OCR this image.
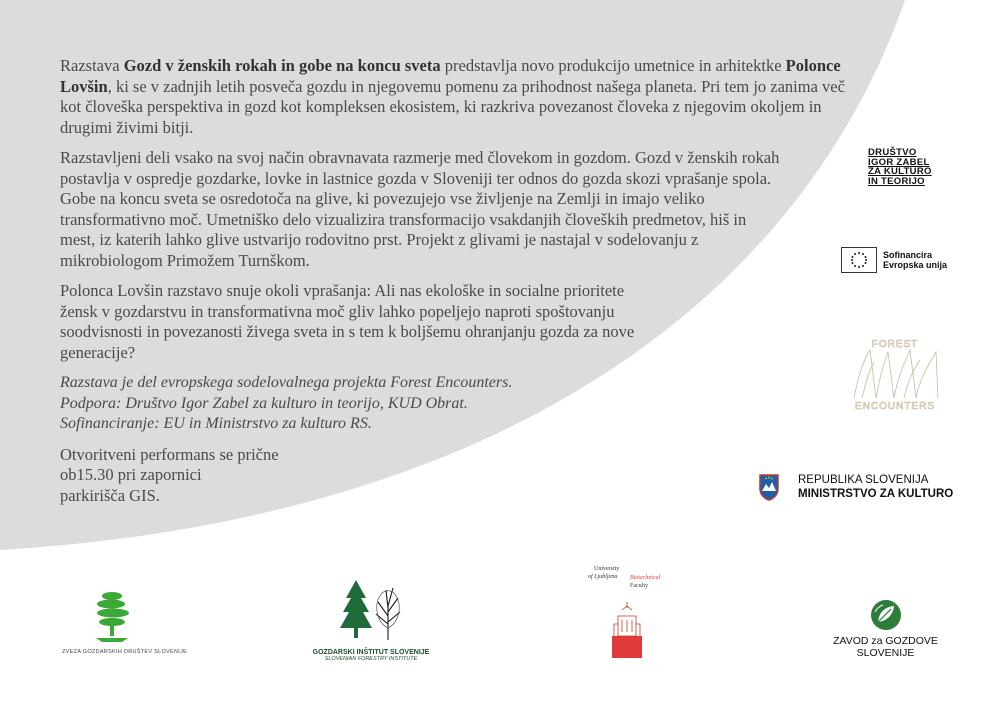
Razstava Gozd v ženskih rokah in gobe na koncu sveta predstavlja novo produkcijo umetnice in arhitektke Polonce Lovšin, ki se v zadnjih letih posveča gozdu in njegovemu pomenu za prihodnost našega planeta. Pri tem jo zanima več kot človeška perspektiva in gozd kot kompleksen ekosistem, ki razkriva povezanost človeka z njegovim okoljem in drugimi živimi bitji.

Razstavljeni deli vsako na svoj način obravnavata razmerje med človekom in gozdom. Gozd v ženskih rokah postavlja v ospredje gozdarke, lovke in lastnice gozda v Sloveniji ter odnos do gozda skozi vprašanje spola. Gobe na koncu sveta se osredotoča na glive, ki povezujejo vse življenje na Zemlji in imajo veliko transformativno moč. Umetniško delo vizualizira transformacijo vsakdanjih človeških predmetov, hiš in mest, iz katerih lahko glive ustvarijo rodovitno prst. Projekt z glivami je nastajal v sodelovanju z mikrobiologom Primožem Turnškom.

Polonca Lovšin razstavo snuje okoli vprašanja: Ali nas ekološke in socialne prioritete žensk v gozdarstvu in transformativna moč gliv lahko popeljejo naproti spoštovanju soodvisnosti in povezanosti živega sveta in s tem k boljšemu ohranjanju gozda za nove generacije?

Razstava je del evropskega sodelovalnega projekta Forest Encounters.
Podpora: Društvo Igor Zabel za kulturo in teorijo, KUD Obrat.
Sofinanciranje: EU in Ministrstvo za kulturo RS.

Otvoritveni performans se prične
ob15.30 pri zapornici
parkirišča GIS.

DRUŠTVO
IGOR ZABEL
ZA KULTURO
IN TEORIJO
Sofinancira
Evropska unija
FOREST
ENCOUNTERS
REPUBLIKA SLOVENIJA
MINISTRSTVO ZA KULTURO
ZVEZA GOZDARSKIH DRUŠTEV SLOVENIJE	GOZDARSKI INŠTITUT SLOVENIJE
SLOVENIAN FORESTRY INSTITUTE
University
of Ljubljana Biotechnical
Faculty
ZAVOD za GOZDOVE
SLOVENIJE
